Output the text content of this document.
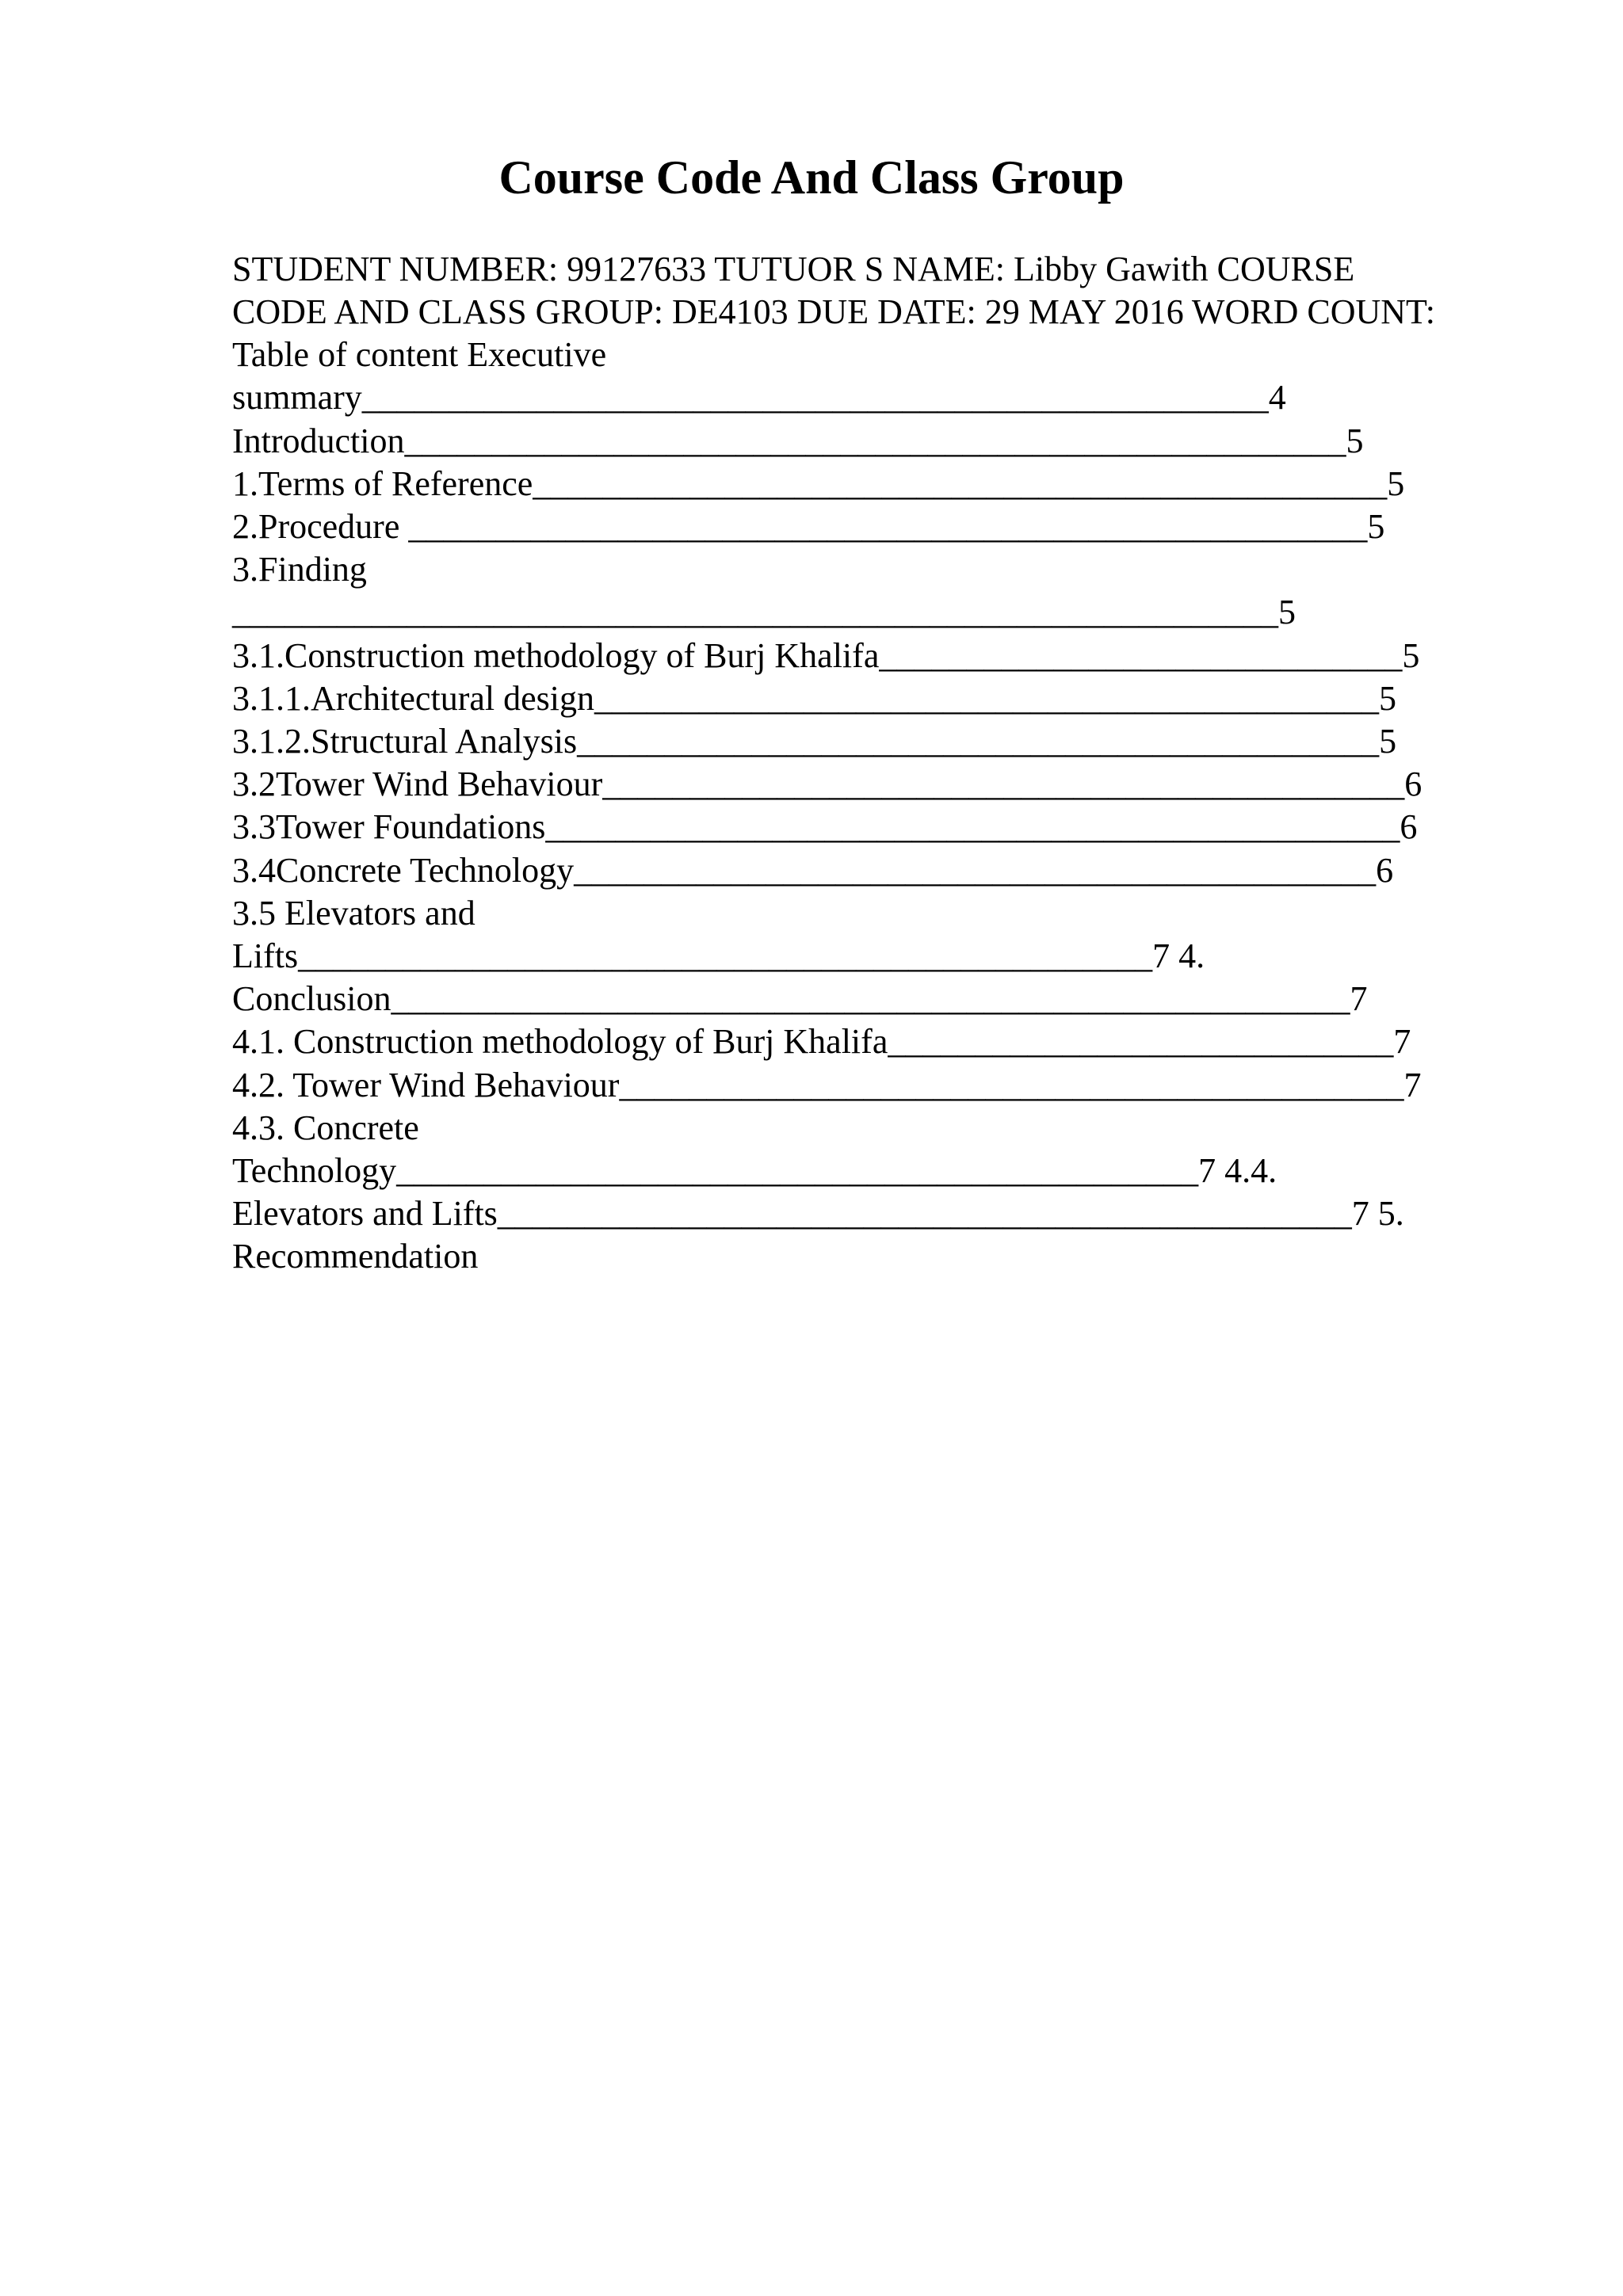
Course Code And Class Group

STUDENT NUMBER: 99127633 TUTUOR S NAME: Libby Gawith COURSE

CODE AND CLASS GROUP: DE4103 DUE DATE: 29 MAY 2016 WORD COUNT:

Table of content Executive

summary____________________________________________________4

Introduction______________________________________________________5

1.Terms of Reference_________________________________________________5

2.Procedure _______________________________________________________5

3.Finding

____________________________________________________________5

3.1.Construction methodology of Burj Khalifa______________________________5

3.1.1.Architectural design_____________________________________________5

3.1.2.Structural Analysis______________________________________________5

3.2Tower Wind Behaviour______________________________________________6

3.3Tower Foundations_________________________________________________6

3.4Concrete Technology______________________________________________6

3.5 Elevators and

Lifts_________________________________________________7 4.

Conclusion_______________________________________________________7

4.1. Construction methodology of Burj Khalifa_____________________________7

4.2. Tower Wind Behaviour_____________________________________________7

4.3. Concrete

Technology______________________________________________7 4.4.

Elevators and Lifts_________________________________________________7 5.

Recommendation
